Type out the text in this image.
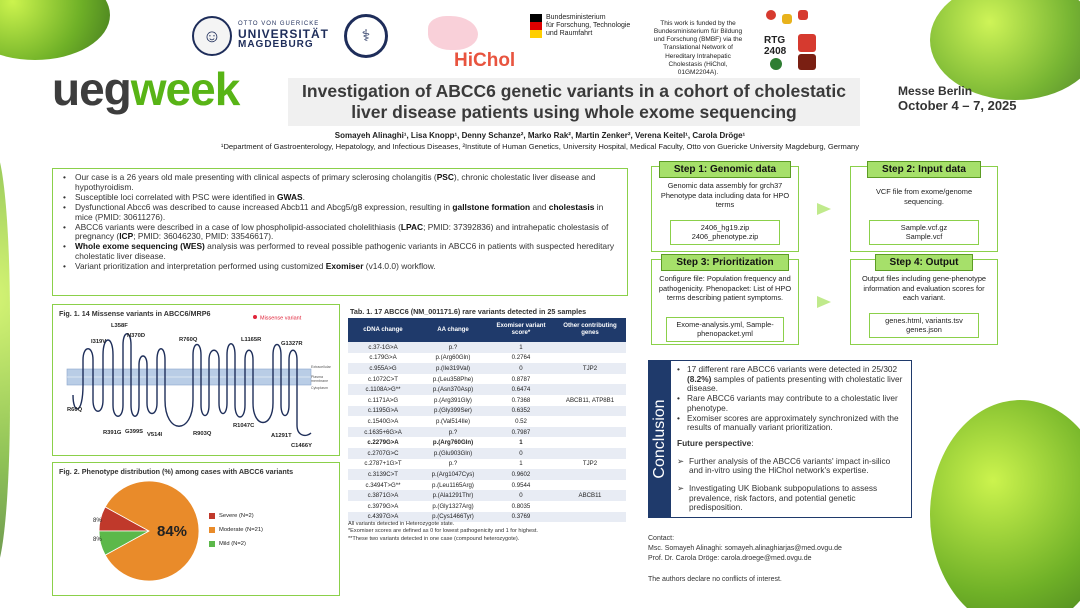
☺
OTTO VON GUERICKE
UNIVERSITÄT
MAGDEBURG	⚕
HiChol
Bundesministerium
für Forschung, Technologie
und Raumfahrt
This work is funded by the Bundesministerium für Bildung und Forschung (BMBF) via the Translational Network of Hereditary Intrahepatic Cholestasis (HiChol, 01GM2204A).
RTG
2408
uegweek	Investigation of ABCC6 genetic variants in a cohort of cholestatic liver disease patients using whole exome sequencing
Messe Berlin
October 4 – 7, 2025
Somayeh Alinaghi¹, Lisa Knopp¹, Denny Schanze², Marko Rak², Martin Zenker², Verena Keitel¹, Carola Dröge¹
¹Department of Gastroenterology, Hepatology, and Infectious Diseases, ²Institute of Human Genetics, University Hospital, Medical Faculty, Otto von Guericke University Magdeburg, Germany
• Our case is a 26 years old male presenting with clinical aspects of primary sclerosing cholangitis (PSC), chronic cholestatic liver disease and hypothyroidism.
• Susceptible loci correlated with PSC were identified in GWAS.
• Dysfunctional Abcc6 was described to cause increased Abcb11 and Abcg5/g8 expression, resulting in gallstone formation and cholestasis in mice (PMID: 30611276).
• ABCC6 variants were described in a case of low phospholipid-associated cholelithiasis (LPAC; PMID: 37392836) and intrahepatic cholestasis of pregnancy (ICP; PMID: 36046230, PMID: 33546617).
• Whole exome sequencing (WES) analysis was performed to reveal possible pathogenic variants in ABCC6 in patients with suspected hereditary cholestatic liver disease.
• Variant prioritization and interpretation performed using customized Exomiser (v14.0.0) workflow.
Fig. 1. 14 Missense variants in ABCC6/MRP6
Missense variant
L358F
I319V
N370D
R760Q	L1165R
G1327R
R60Q
R391G G399S V514I	R903Q
R1047C
A1291T
C1466Y
Extracellular
Plasma membrane
Cytoplasm
Fig. 2. Phenotype distribution (%) among cases with ABCC6 variants
84%
8%
8%
Severe (N=2)
Moderate (N=21)
Mild (N=2)
Tab. 1. 17 ABCC6 (NM_001171.6) rare variants detected in 25 samples
cDNA change	AA change	Exomiser variant score*	Other contributing genes
c.37-1G>A	p.?	1	
c.179G>A	p.(Arg60Gln)	0.2764	
c.955A>G	p.(Ile319Val)	0	TJP2
c.1072C>T	p.(Leu358Phe)	0.8787	
c.1108A>G**	p.(Asn370Asp)	0.6474	
c.1171A>G	p.(Arg391Gly)	0.7368	ABCB11, ATP8B1
c.1195G>A	p.(Gly399Ser)	0.6352	
c.1540G>A	p.(Val514Ile)	0.52	
c.1635+6G>A	p.?	0.7987	
c.2279G>A	p.(Arg760Gln)	1	
c.2707G>C	p.(Glu903Gln)	0	
c.2787+1G>T	p.?	1	TJP2
c.3139C>T	p.(Arg1047Cys)	0.9602	
c.3494T>G**	p.(Leu1165Arg)	0.9544	
c.3871G>A	p.(Ala1291Thr)	0	ABCB11
c.3979G>A	p.(Gly1327Arg)	0.8035	
c.4397G>A	p.(Cys1466Tyr)	0.3769	
All variants detected in Heterozygote state.
*Exomiser scores are defined as 0 for lowest pathogenicity and 1 for highest.
**These two variants detected in one case (compound heterozygote).
Step 1: Genomic data
Genomic data assembly for grch37 Phenotype data including data for HPO terms
2406_hg19.zip
2406_phenotype.zip
Step 2: Input data
VCF file from exome/genome sequencing.
Sample.vcf.gz
Sample.vcf
Step 3: Prioritization
Configure file: Population frequency and pathogenicity. Phenopacket: List of HPO terms describing patient symptoms.
Exome-analysis.yml, Sample-
phenopacket.yml
Step 4: Output
Output files including gene-phenotype information and evaluation scores for each variant.
genes.html, variants.tsv
genes.json
Conclusion
• 17 different rare ABCC6 variants were detected in 25/302 (8.2%) samples of patients presenting with cholestatic liver disease.
• Rare ABCC6 variants may contribute to a cholestatic liver phenotype.
• Exomiser scores are approximately synchronized with the results of manually variant prioritization.
Future perspective:
➢ Further analysis of the ABCC6 variants' impact in-silico and in-vitro using the HiChol network's expertise.
➢ Investigating UK Biobank subpopulations to assess prevalence, risk factors, and potential genetic predisposition.
Contact:
Msc. Somayeh Alinaghi: somayeh.alinaghiarjas@med.ovgu.de
Prof. Dr. Carola Dröge: carola.droege@med.ovgu.de
The authors declare no conflicts of interest.
